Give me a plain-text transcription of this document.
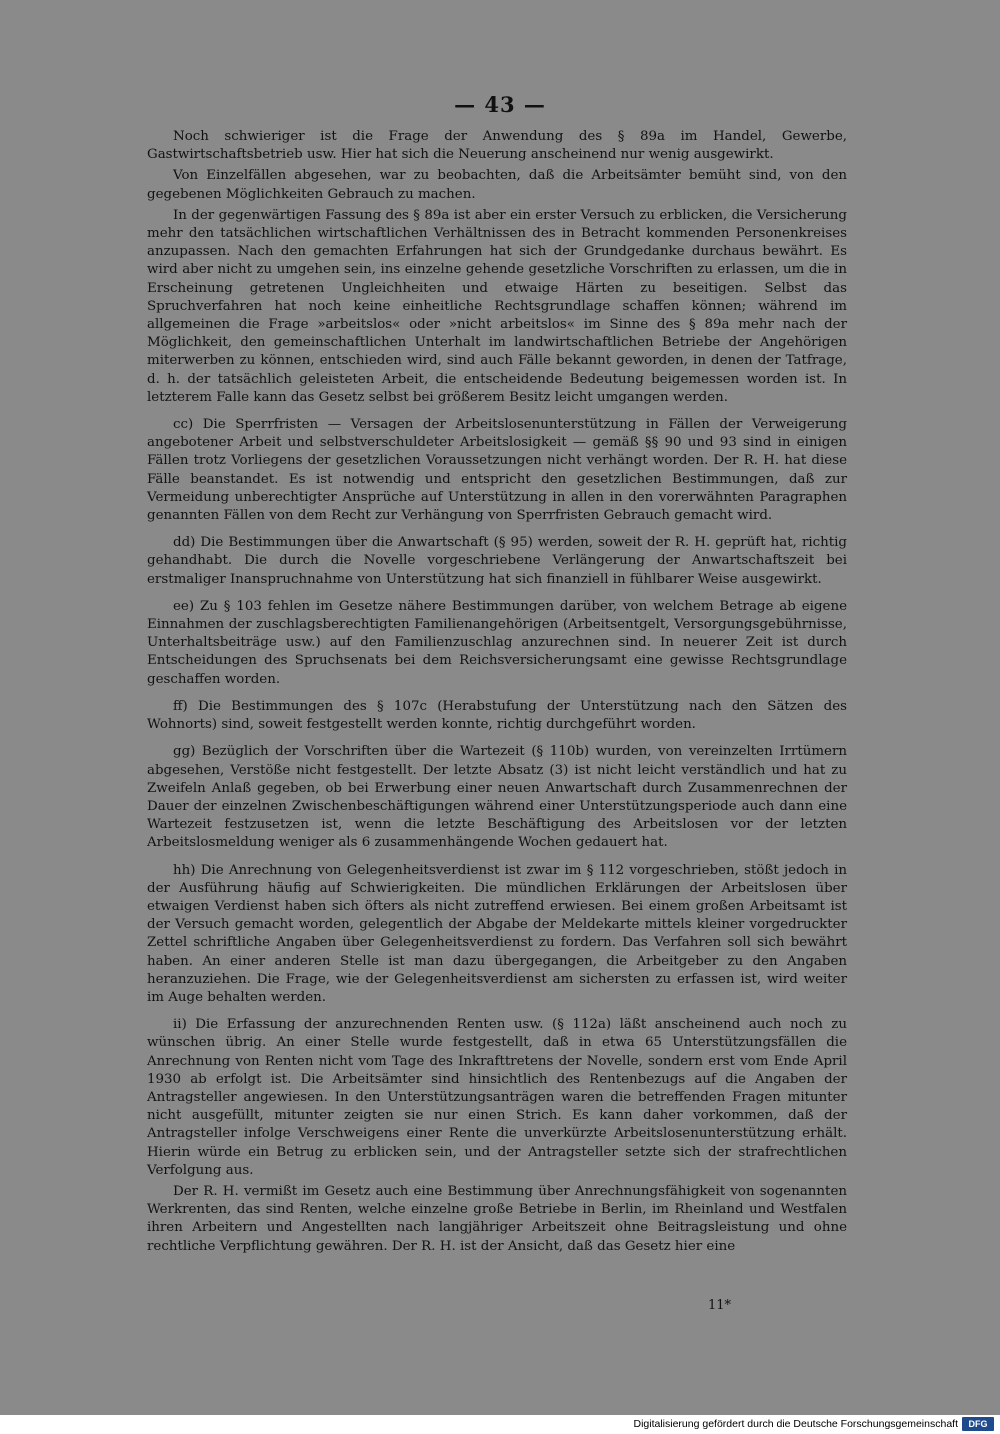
— 43 —

Noch schwieriger ist die Frage der Anwendung des § 89a im Handel, Gewerbe, Gastwirtschaftsbetrieb usw. Hier hat sich die Neuerung anscheinend nur wenig ausgewirkt.

Von Einzelfällen abgesehen, war zu beobachten, daß die Arbeitsämter bemüht sind, von den gegebenen Möglichkeiten Gebrauch zu machen.

In der gegenwärtigen Fassung des § 89a ist aber ein erster Versuch zu erblicken, die Versicherung mehr den tatsächlichen wirtschaftlichen Verhältnissen des in Betracht kommenden Personenkreises anzupassen. Nach den gemachten Erfahrungen hat sich der Grundgedanke durchaus bewährt. Es wird aber nicht zu umgehen sein, ins einzelne gehende gesetzliche Vorschriften zu erlassen, um die in Erscheinung getretenen Ungleichheiten und etwaige Härten zu beseitigen. Selbst das Spruchverfahren hat noch keine einheitliche Rechtsgrundlage schaffen können; während im allgemeinen die Frage »arbeitslos« oder »nicht arbeitslos« im Sinne des § 89a mehr nach der Möglichkeit, den gemeinschaftlichen Unterhalt im landwirtschaftlichen Betriebe der Angehörigen miterwerben zu können, entschieden wird, sind auch Fälle bekannt geworden, in denen der Tatfrage, d. h. der tatsächlich geleisteten Arbeit, die entscheidende Bedeutung beigemessen worden ist. In letzterem Falle kann das Gesetz selbst bei größerem Besitz leicht umgangen werden.

cc) Die Sperrfristen — Versagen der Arbeitslosenunterstützung in Fällen der Verweigerung angebotener Arbeit und selbstverschuldeter Arbeitslosigkeit — gemäß §§ 90 und 93 sind in einigen Fällen trotz Vorliegens der gesetzlichen Voraussetzungen nicht verhängt worden. Der R. H. hat diese Fälle beanstandet. Es ist notwendig und entspricht den gesetzlichen Bestimmungen, daß zur Vermeidung unberechtigter Ansprüche auf Unterstützung in allen in den vorerwähnten Paragraphen genannten Fällen von dem Recht zur Verhängung von Sperrfristen Gebrauch gemacht wird.

dd) Die Bestimmungen über die Anwartschaft (§ 95) werden, soweit der R. H. geprüft hat, richtig gehandhabt. Die durch die Novelle vorgeschriebene Verlängerung der Anwartschaftszeit bei erstmaliger Inanspruchnahme von Unterstützung hat sich finanziell in fühlbarer Weise ausgewirkt.

ee) Zu § 103 fehlen im Gesetze nähere Bestimmungen darüber, von welchem Betrage ab eigene Einnahmen der zuschlagsberechtigten Familienangehörigen (Arbeitsentgelt, Versorgungsgebührnisse, Unterhaltsbeiträge usw.) auf den Familienzuschlag anzurechnen sind. In neuerer Zeit ist durch Entscheidungen des Spruchsenats bei dem Reichsversicherungsamt eine gewisse Rechtsgrundlage geschaffen worden.

ff) Die Bestimmungen des § 107c (Herabstufung der Unterstützung nach den Sätzen des Wohnorts) sind, soweit festgestellt werden konnte, richtig durchgeführt worden.

gg) Bezüglich der Vorschriften über die Wartezeit (§ 110b) wurden, von vereinzelten Irrtümern abgesehen, Verstöße nicht festgestellt. Der letzte Absatz (3) ist nicht leicht verständlich und hat zu Zweifeln Anlaß gegeben, ob bei Erwerbung einer neuen Anwartschaft durch Zusammenrechnen der Dauer der einzelnen Zwischenbeschäftigungen während einer Unterstützungsperiode auch dann eine Wartezeit festzusetzen ist, wenn die letzte Beschäftigung des Arbeitslosen vor der letzten Arbeitslosmeldung weniger als 6 zusammenhängende Wochen gedauert hat.

hh) Die Anrechnung von Gelegenheitsverdienst ist zwar im § 112 vorgeschrieben, stößt jedoch in der Ausführung häufig auf Schwierigkeiten. Die mündlichen Erklärungen der Arbeitslosen über etwaigen Verdienst haben sich öfters als nicht zutreffend erwiesen. Bei einem großen Arbeitsamt ist der Versuch gemacht worden, gelegentlich der Abgabe der Meldekarte mittels kleiner vorgedruckter Zettel schriftliche Angaben über Gelegenheitsverdienst zu fordern. Das Verfahren soll sich bewährt haben. An einer anderen Stelle ist man dazu übergegangen, die Arbeitgeber zu den Angaben heranzuziehen. Die Frage, wie der Gelegenheitsverdienst am sichersten zu erfassen ist, wird weiter im Auge behalten werden.

ii) Die Erfassung der anzurechnenden Renten usw. (§ 112a) läßt anscheinend auch noch zu wünschen übrig. An einer Stelle wurde festgestellt, daß in etwa 65 Unterstützungsfällen die Anrechnung von Renten nicht vom Tage des Inkrafttretens der Novelle, sondern erst vom Ende April 1930 ab erfolgt ist. Die Arbeitsämter sind hinsichtlich des Rentenbezugs auf die Angaben der Antragsteller angewiesen. In den Unterstützungsanträgen waren die betreffenden Fragen mitunter nicht ausgefüllt, mitunter zeigten sie nur einen Strich. Es kann daher vorkommen, daß der Antragsteller infolge Verschweigens einer Rente die unverkürzte Arbeitslosenunterstützung erhält. Hierin würde ein Betrug zu erblicken sein, und der Antragsteller setzte sich der strafrechtlichen Verfolgung aus.

Der R. H. vermißt im Gesetz auch eine Bestimmung über Anrechnungsfähigkeit von sogenannten Werkrenten, das sind Renten, welche einzelne große Betriebe in Berlin, im Rheinland und Westfalen ihren Arbeitern und Angestellten nach langjähriger Arbeitszeit ohne Beitragsleistung und ohne rechtliche Verpflichtung gewähren. Der R. H. ist der Ansicht, daß das Gesetz hier eine

11*
Digitalisierung gefördert durch die Deutsche Forschungsgemeinschaft	DFG
